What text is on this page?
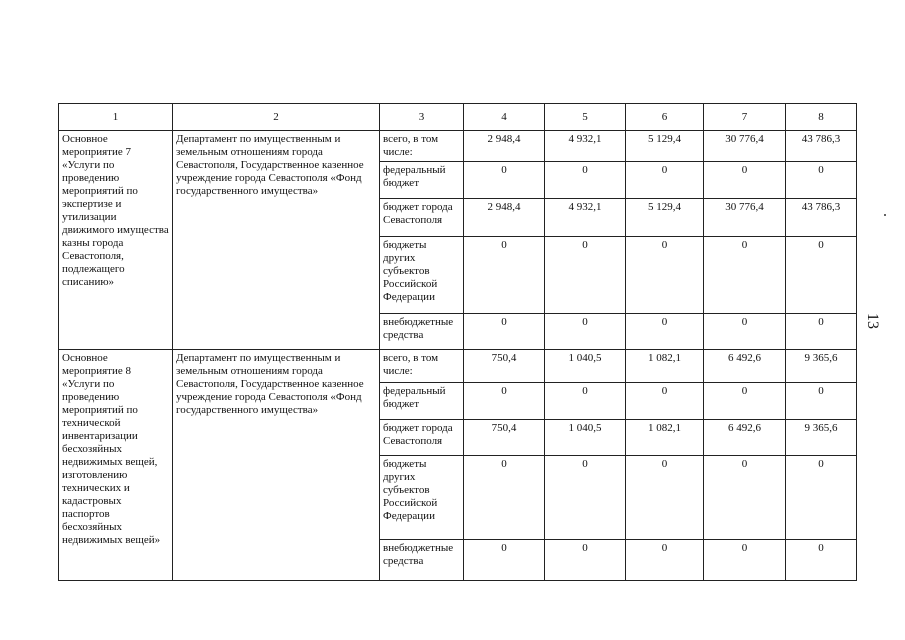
1	2	3	4	5	6	7	8
Основное мероприятие 7 «Услуги по проведению мероприятий по экспертизе и утилизации движимого имущества казны города Севастополя, подлежащего списанию»	Департамент по имущественным и земельным отношениям города Севастополя, Государственное казенное учреждение города Севастополя «Фонд государственного имущества»	всего, в том числе:	2 948,4	4 932,1	5 129,4	30 776,4	43 786,3
		федеральный бюджет	0	0	0	0	0
		бюджет города Севастополя	2 948,4	4 932,1	5 129,4	30 776,4	43 786,3
		бюджеты других субъектов Российской Федерации	0	0	0	0	0
		внебюджетные средства	0	0	0	0	0
Основное мероприятие 8 «Услуги по проведению мероприятий по технической инвентаризации бесхозяйных недвижимых вещей, изготовлению технических и кадастровых паспортов бесхозяйных недвижимых вещей»	Департамент по имущественным и земельным отношениям города Севастополя, Государственное казенное учреждение города Севастополя «Фонд государственного имущества»	всего, в том числе:	750,4	1 040,5	1 082,1	6 492,6	9 365,6
		федеральный бюджет	0	0	0	0	0
		бюджет города Севастополя	750,4	1 040,5	1 082,1	6 492,6	9 365,6
		бюджеты других субъектов Российской Федерации	0	0	0	0	0
		внебюджетные средства	0	0	0	0	0
13
